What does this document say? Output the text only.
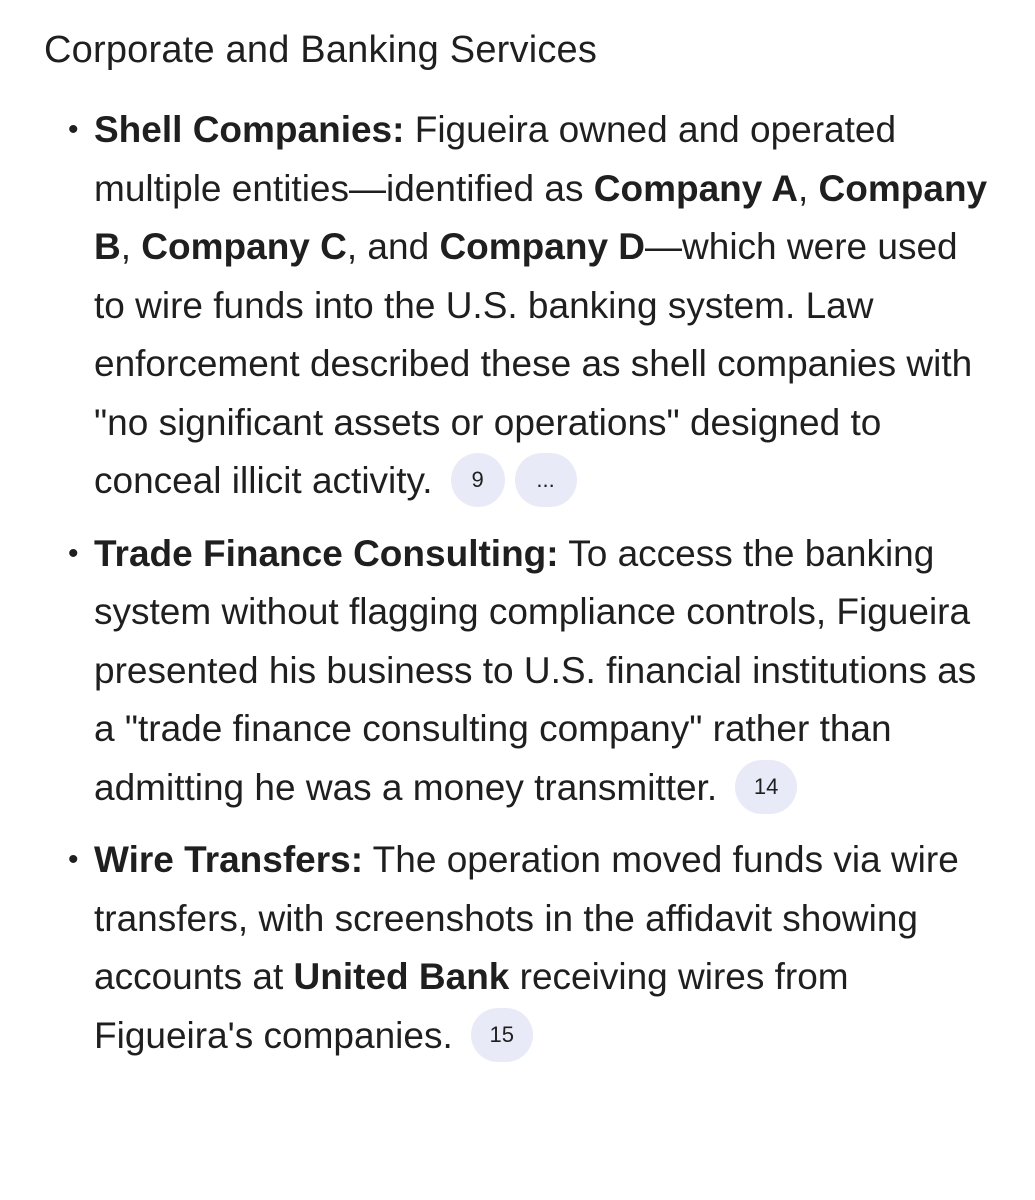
Corporate and Banking Services
• Shell Companies: Figueira owned and operated multiple entities—identified as Company A, Company B, Company C, and Company D—which were used to wire funds into the U.S. banking system. Law enforcement described these as shell companies with "no significant assets or operations" designed to conceal illicit activity. 9 ...
• Trade Finance Consulting: To access the banking system without flagging compliance controls, Figueira presented his business to U.S. financial institutions as a "trade finance consulting company" rather than admitting he was a money transmitter. 14
• Wire Transfers: The operation moved funds via wire transfers, with screenshots in the affidavit showing accounts at United Bank receiving wires from Figueira's companies. 15
